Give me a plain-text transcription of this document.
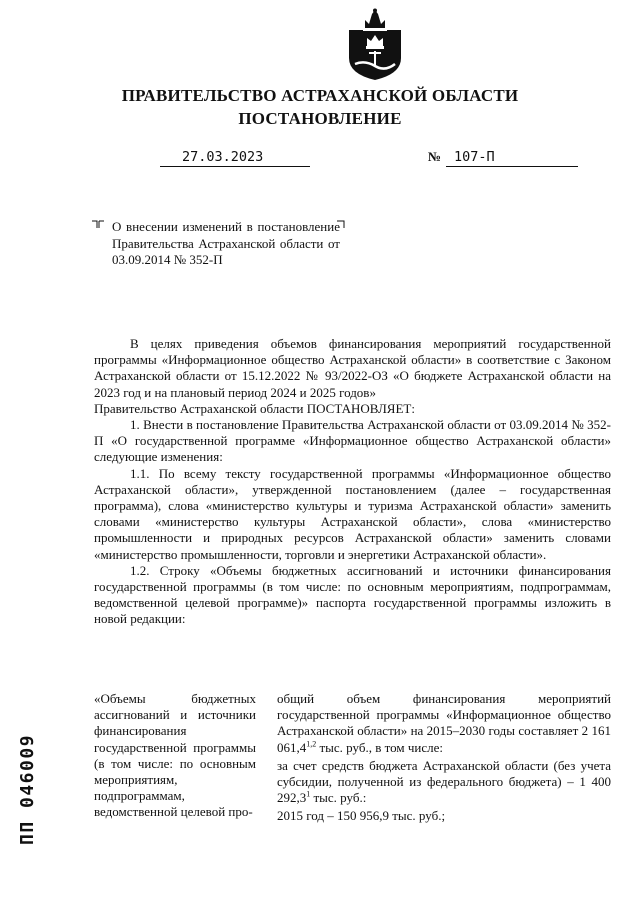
ПРАВИТЕЛЬСТВО АСТРАХАНСКОЙ ОБЛАСТИ
ПОСТАНОВЛЕНИЕ
27.03.2023	№ 107-П
О внесении изменений в постановление Правительства Астраханской области от 03.09.2014 № 352-П

В целях приведения объемов финансирования мероприятий государственной программы «Информационное общество Астраханской области» в соответствие с Законом Астраханской области от 15.12.2022 № 93/2022-ОЗ «О бюджете Астраханской области на 2023 год и на плановый период 2024 и 2025 годов»

Правительство Астраханской области ПОСТАНОВЛЯЕТ:

1. Внести в постановление Правительства Астраханской области от 03.09.2014 № 352-П «О государственной программе «Информационное общество Астраханской области» следующие изменения:

1.1. По всему тексту государственной программы «Информационное общество Астраханской области», утвержденной постановлением (далее – государственная программа), слова «министерство культуры и туризма Астраханской области» заменить словами «министерство культуры Астраханской области», слова «министерство промышленности и природных ресурсов Астраханской области» заменить словами «министерство промышленности, торговли и энергетики Астраханской области».

1.2. Строку «Объемы бюджетных ассигнований и источники финансирования государственной программы (в том числе: по основным мероприятиям, подпрограммам, ведомственной целевой программе)» паспорта государственной программы изложить в новой редакции:

«Объемы бюджетных ассигнований и источники финансирования государственной программы (в том числе: по основным мероприятиям, подпрограммам, ведомственной целевой про-

общий объем финансирования мероприятий государственной программы «Информационное общество Астраханской области» на 2015–2030 годы составляет 2 161 061,4$^{1,2}$ тыс. руб., в том числе:

за счет средств бюджета Астраханской области (без учета субсидии, полученной из федерального бюджета) – 1 400 292,3$^1$ тыс. руб.:

2015 год – 150 956,9 тыс. руб.;

ПП 046009
